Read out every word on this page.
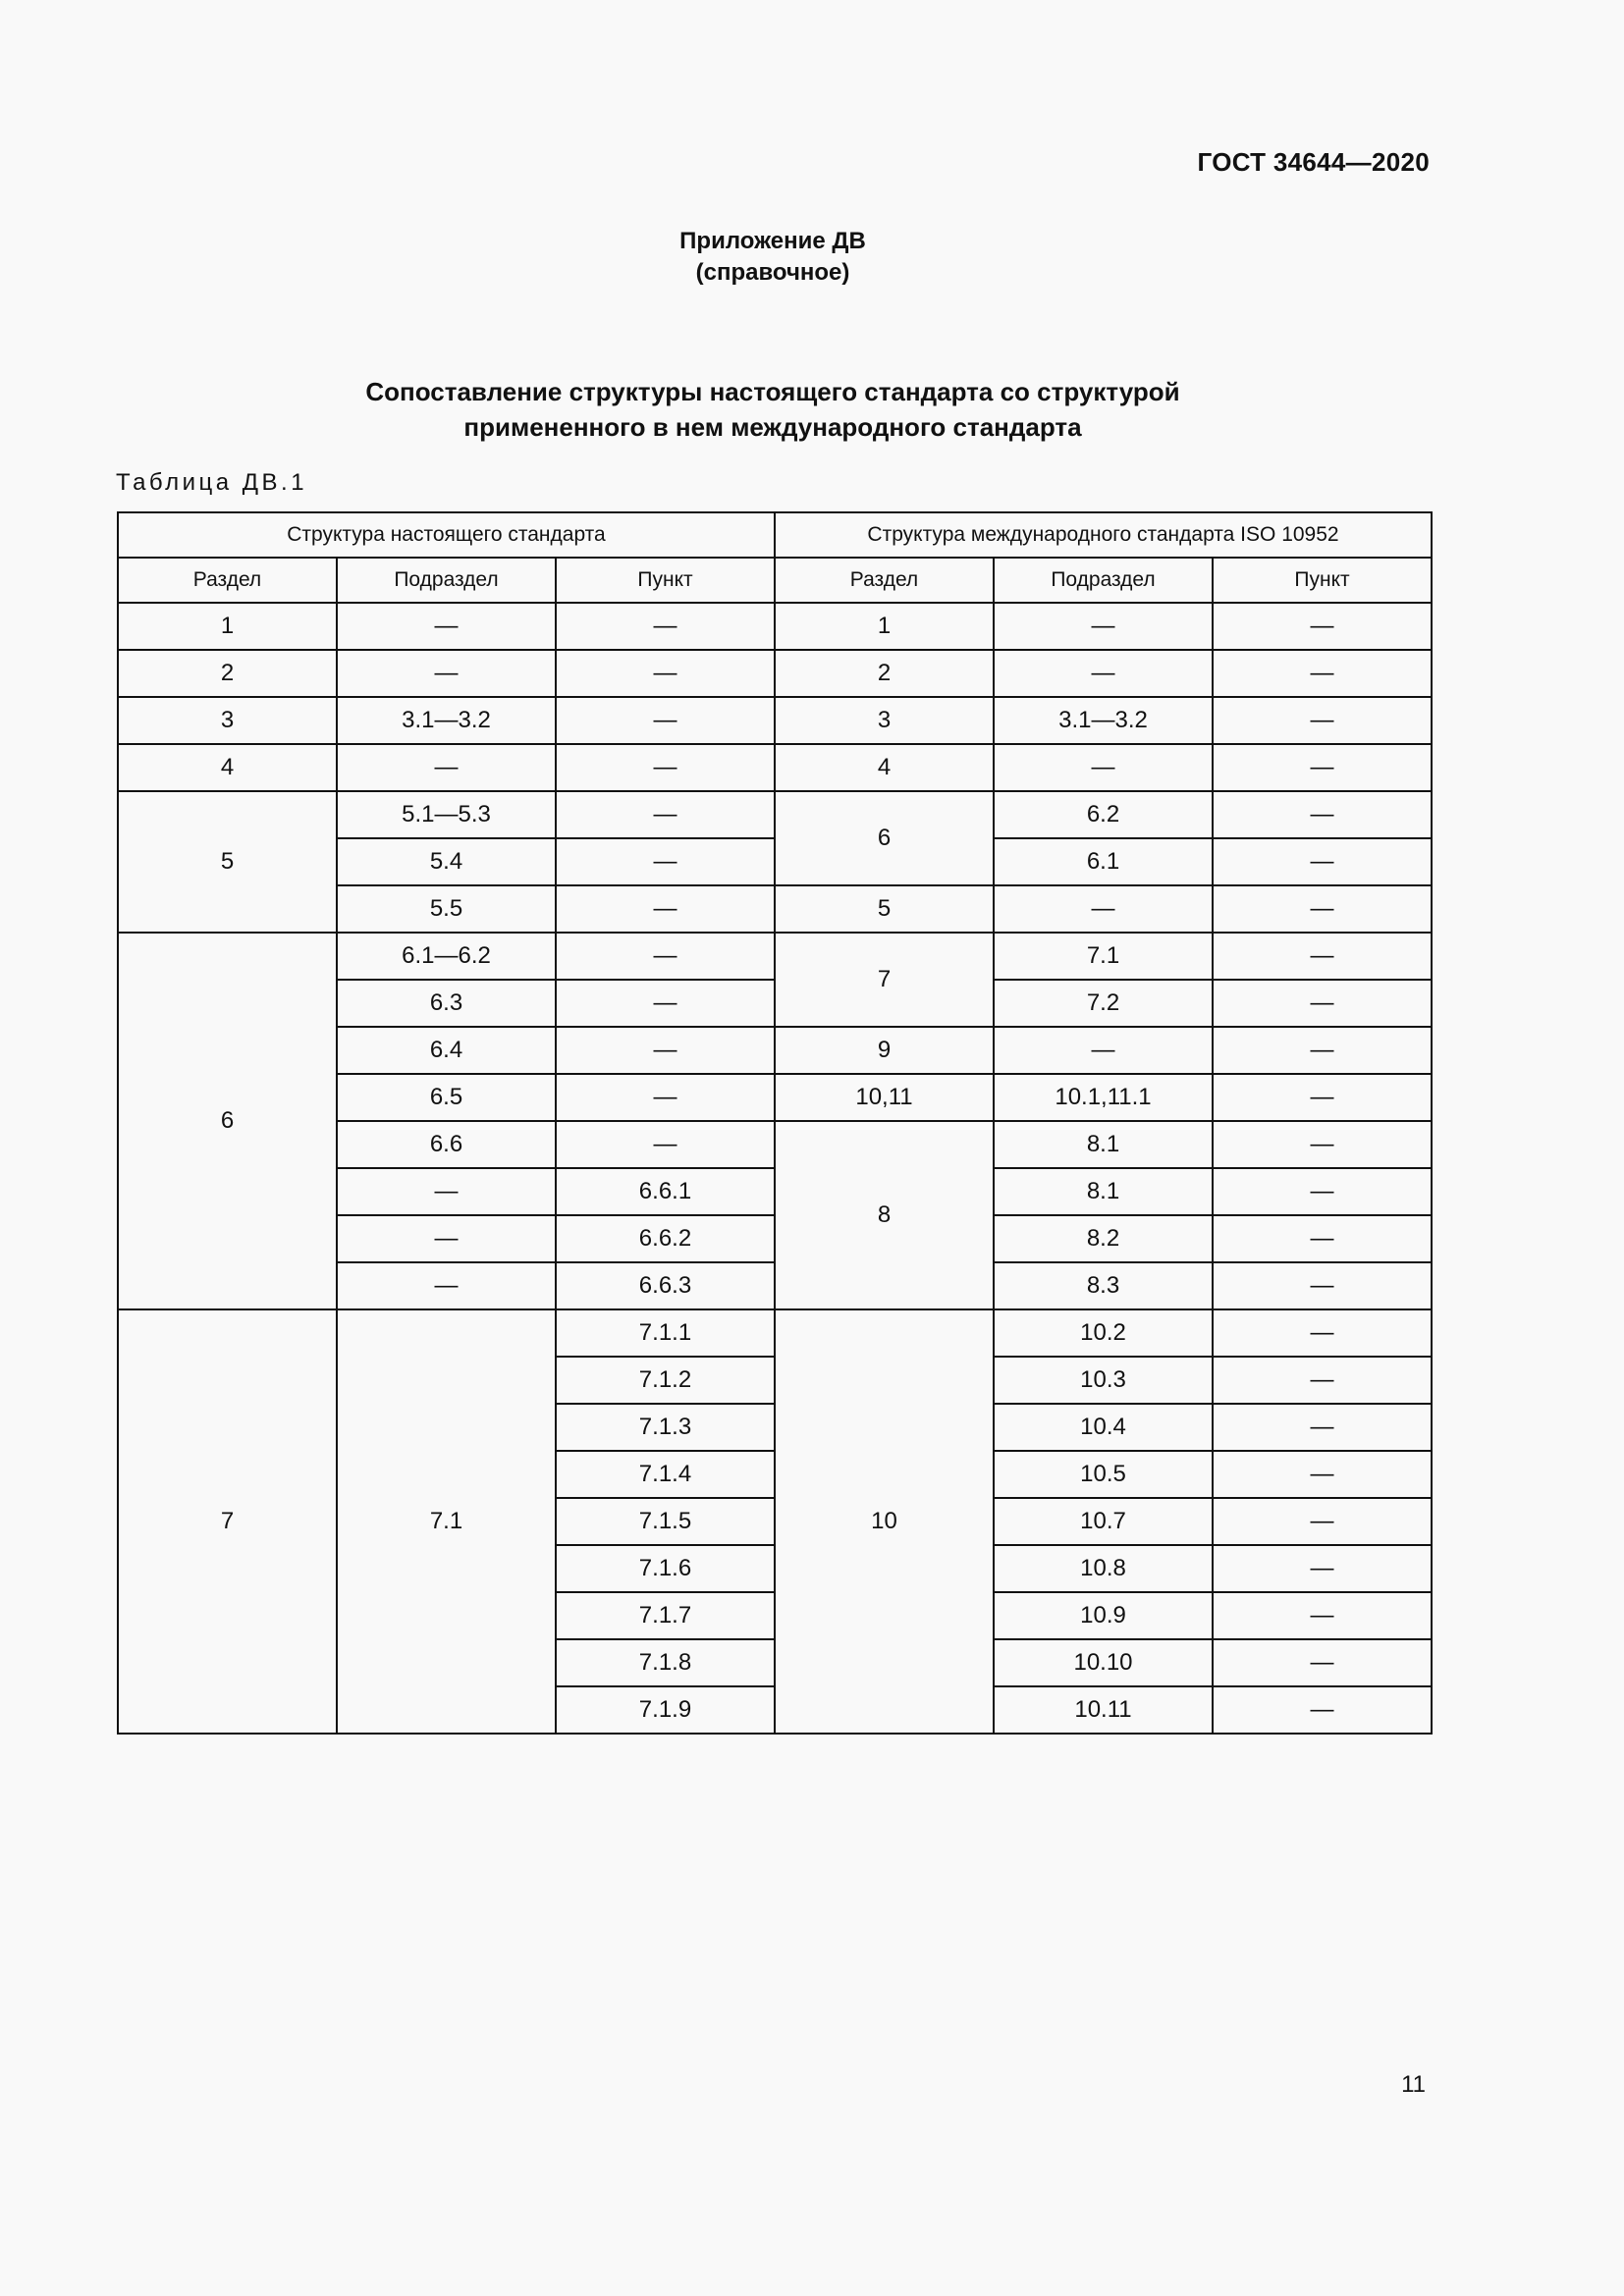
ГОСТ 34644—2020
Приложение ДВ
(справочное)
Сопоставление структуры настоящего стандарта со структурой
примененного в нем международного стандарта
Таблица ДВ.1
Структура настоящего стандарта			Структура международного стандарта ISO 10952		
Раздел	Подраздел	Пункт	Раздел	Подраздел	Пункт
1	—	—	1	—	—
2	—	—	2	—	—
3	3.1—3.2	—	3	3.1—3.2	—
4	—	—	4	—	—
5	5.1—5.3	—	6	6.2	—
	5.4	—		6.1	—
	5.5	—	5	—	—
6	6.1—6.2	—	7	7.1	—
	6.3	—		7.2	—
	6.4	—	9	—	—
	6.5	—	10,11	10.1,11.1	—
	6.6	—	8	8.1	—
	—	6.6.1		8.1	—
	—	6.6.2		8.2	—
	—	6.6.3		8.3	—
7	7.1	7.1.1	10	10.2	—
		7.1.2		10.3	—
		7.1.3		10.4	—
		7.1.4		10.5	—
		7.1.5		10.7	—
		7.1.6		10.8	—
		7.1.7		10.9	—
		7.1.8		10.10	—
		7.1.9		10.11	—
11
